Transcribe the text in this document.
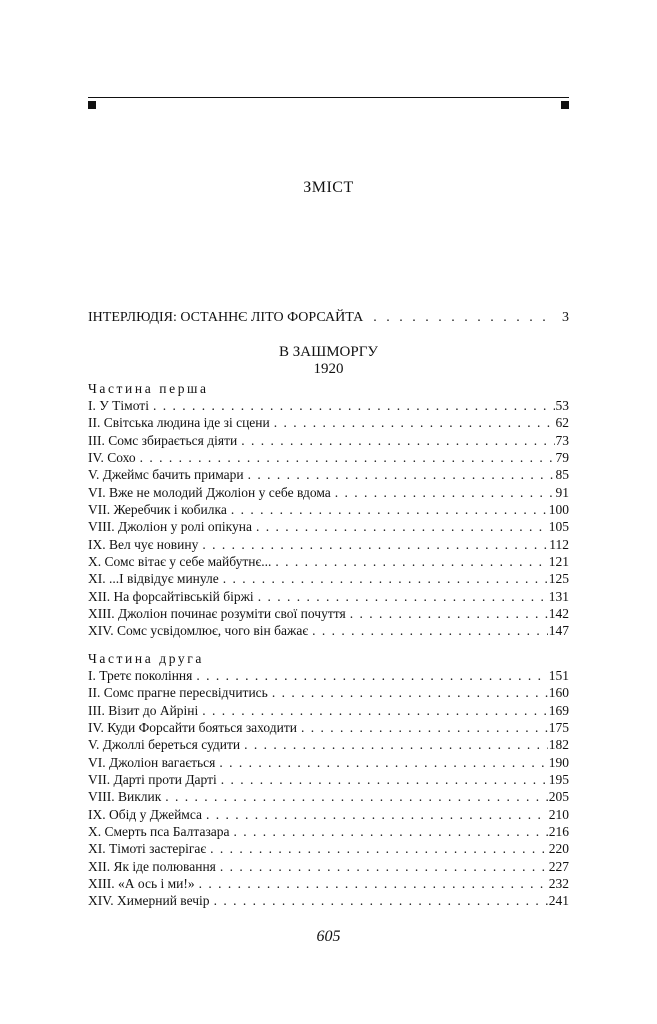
ЗМІСТ
ІНТЕРЛЮДІЯ: ОСТАННЄ ЛІТО ФОРСАЙТА . . .	3
В ЗАШМОРГУ
1920
Частина перша
I. У Тімоті . . .	53
II. Світська людина іде зі сцени . . .	62
III. Сомс збирається діяти . . .	73
IV. Сохо . . .	79
V. Джеймс бачить примари . . .	85
VI. Вже не молодий Джоліон у себе вдома . . .	91
VII. Жеребчик і кобилка . . .	100
VIII. Джоліон у ролі опікуна . . .	105
IX. Вел чує новину . . .	112
X. Сомс вітає у себе майбутнє... . . .	121
XI. ...І відвідує минуле . . .	125
XII. На форсайтівській біржі . . .	131
XIII. Джоліон починає розуміти свої почуття . . .	142
XIV. Сомс усвідомлює, чого він бажає . . .	147
Частина друга
I. Третє покоління . . .	151
II. Сомс прагне пересвідчитись . . .	160
III. Візит до Айріні . . .	169
IV. Куди Форсайти бояться заходити . . .	175
V. Джоллі береться судити . . .	182
VI. Джоліон вагається . . .	190
VII. Дарті проти Дарті . . .	195
VIII. Виклик . . .	205
IX. Обід у Джеймса . . .	210
X. Смерть пса Балтазара . . .	216
XI. Тімоті застерігає . . .	220
XII. Як іде полювання . . .	227
XIII. «А ось і ми!» . . .	232
XIV. Химерний вечір . . .	241
605
